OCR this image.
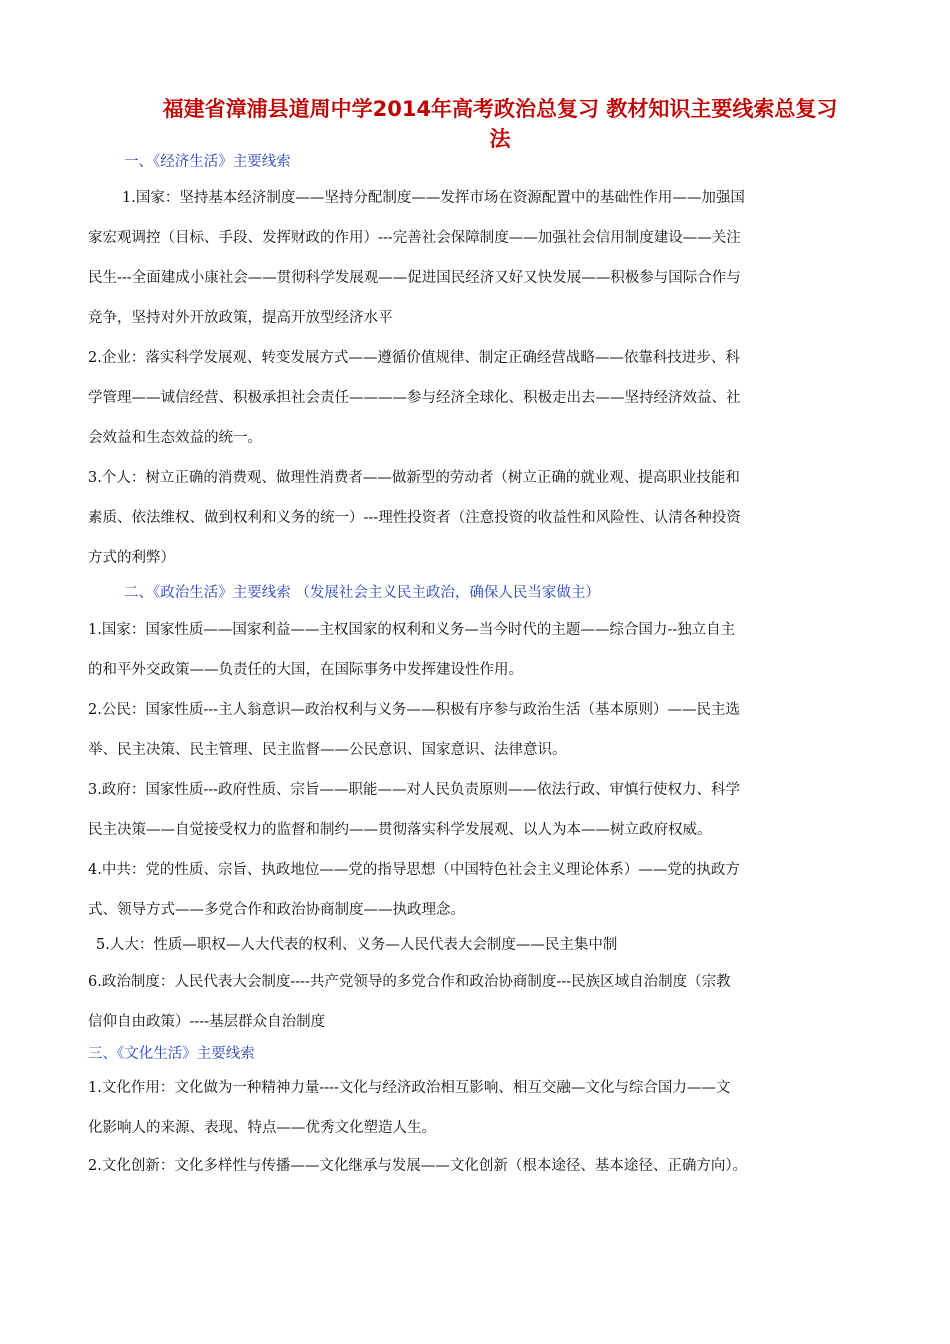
福建省漳浦县道周中学2014年高考政治总复习 教材知识主要线索总复习
法
一、《经济生活》主要线索
1.国家：坚持基本经济制度——坚持分配制度——发挥市场在资源配置中的基础性作用——加强国
家宏观调控（目标、手段、发挥财政的作用）---完善社会保障制度——加强社会信用制度建设——关注
民生---全面建成小康社会——贯彻科学发展观——促进国民经济又好又快发展——积极参与国际合作与
竞争，坚持对外开放政策，提高开放型经济水平
2.企业：落实科学发展观、转变发展方式——遵循价值规律、制定正确经营战略——依靠科技进步、科
学管理——诚信经营、积极承担社会责任————参与经济全球化、积极走出去——坚持经济效益、社
会效益和生态效益的统一。
3.个人：树立正确的消费观、做理性消费者——做新型的劳动者（树立正确的就业观、提高职业技能和
素质、依法维权、做到权利和义务的统一）---理性投资者（注意投资的收益性和风险性、认清各种投资
方式的利弊）
二、《政治生活》主要线索 （发展社会主义民主政治，确保人民当家做主）
1.国家：国家性质——国家利益——主权国家的权利和义务—当今时代的主题——综合国力--独立自主
的和平外交政策——负责任的大国，在国际事务中发挥建设性作用。
2.公民：国家性质---主人翁意识—政治权利与义务——积极有序参与政治生活（基本原则）——民主选
举、民主决策、民主管理、民主监督——公民意识、国家意识、法律意识。
3.政府：国家性质---政府性质、宗旨——职能——对人民负责原则——依法行政、审慎行使权力、科学
民主决策——自觉接受权力的监督和制约——贯彻落实科学发展观、以人为本——树立政府权威。
4.中共：党的性质、宗旨、执政地位——党的指导思想（中国特色社会主义理论体系）——党的执政方
式、领导方式——多党合作和政治协商制度——执政理念。
5.人大：性质—职权—人大代表的权利、义务—人民代表大会制度——民主集中制
6.政治制度：人民代表大会制度----共产党领导的多党合作和政治协商制度---民族区域自治制度（宗教
信仰自由政策）----基层群众自治制度
三、《文化生活》主要线索
1.文化作用：文化做为一种精神力量----文化与经济政治相互影响、相互交融—文化与综合国力——文
化影响人的来源、表现、特点——优秀文化塑造人生。
2.文化创新：文化多样性与传播——文化继承与发展——文化创新（根本途径、基本途径、正确方向）。
